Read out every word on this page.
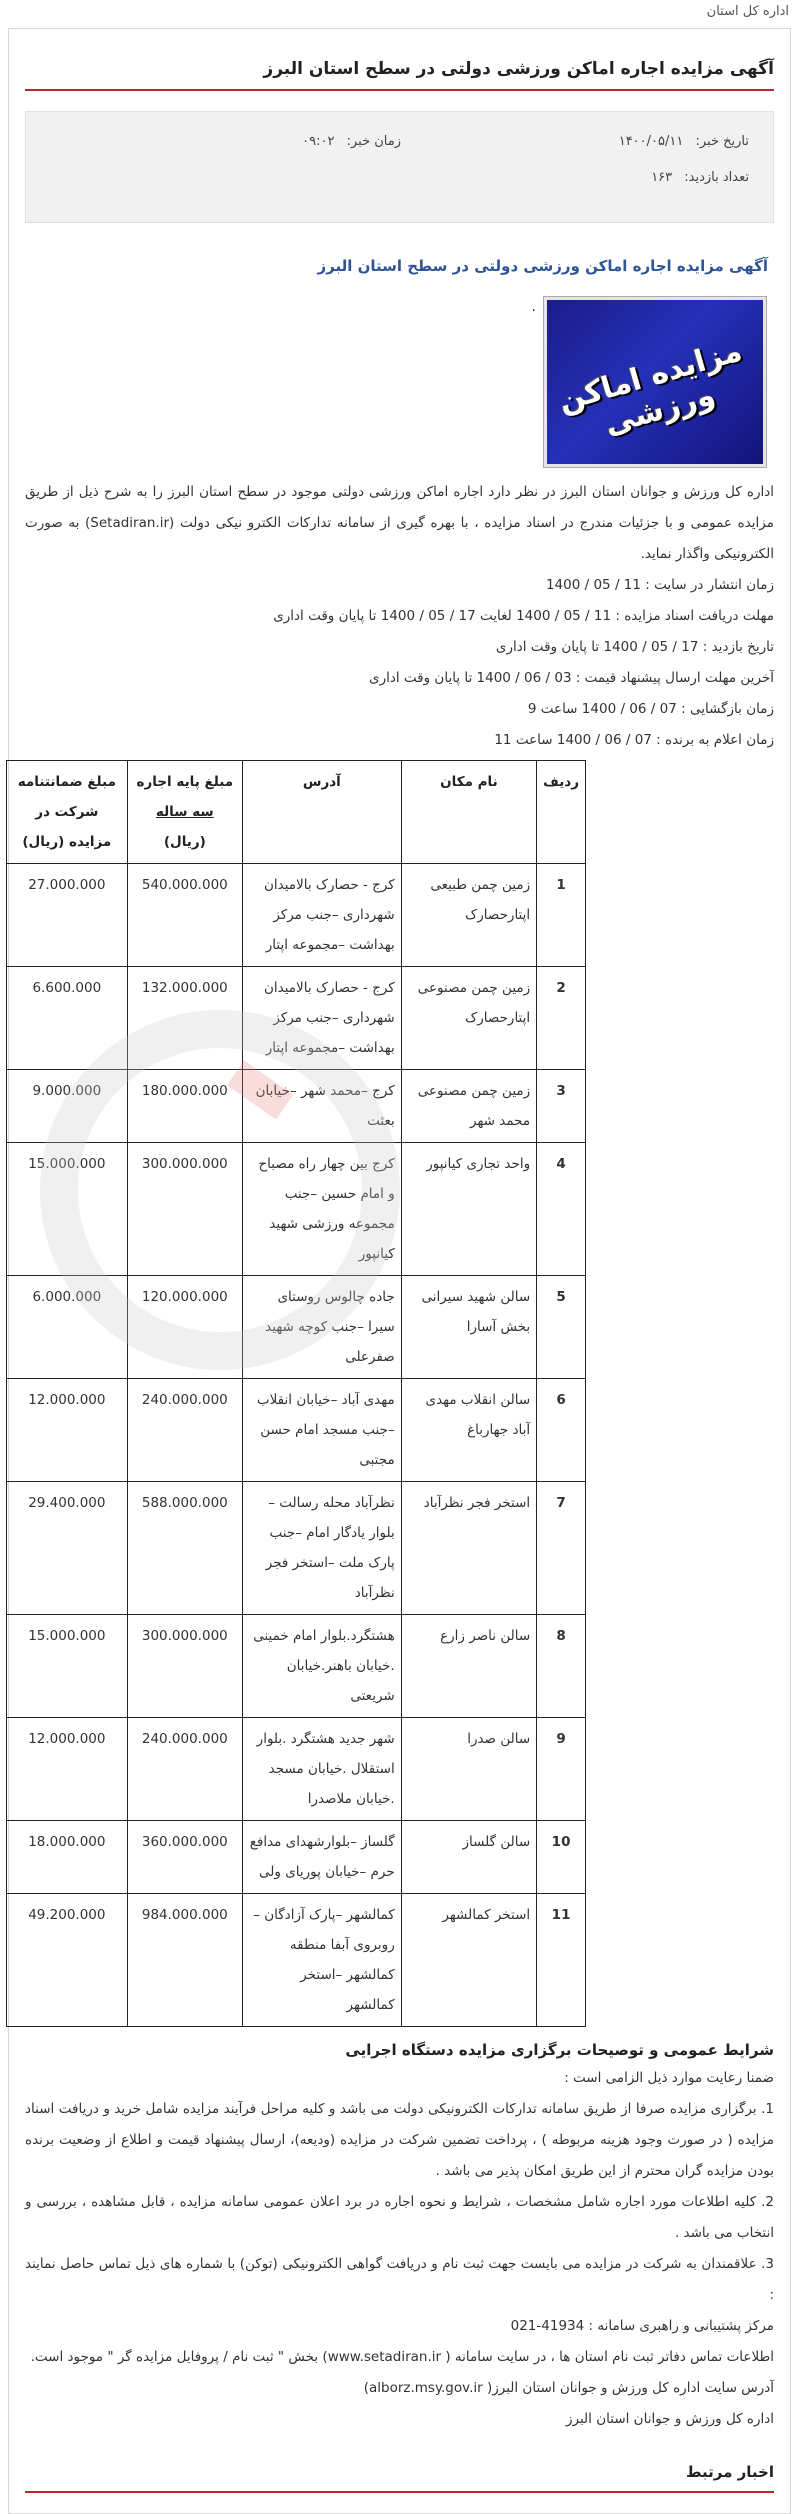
اداره کل استان
آگهی مزایده اجاره اماکن ورزشی دولتی در سطح استان البرز
تاریخ خبر: ۱۴۰۰/۰۵/۱۱
زمان خبر: ۰۹:۰۲
تعداد بازدید: ۱۶۳
آگهی مزایده اجاره اماکن ورزشی دولتی در سطح استان البرز
مزایده اماکن ورزشی
.

اداره کل ورزش و جوانان استان البرز در نظر دارد اجاره اماکن ورزشی دولتی موجود در سطح استان البرز را به شرح ذیل از طریق مزایده عمومی و با جزئیات مندرج در اسناد مزایده ، با بهره گیری از سامانه تدارکات الکترو نیکی دولت (Setadiran.ir) به صورت الکترونیکی واگذار نماید.

زمان انتشار در سایت : 11 / 05 / 1400

مهلت دریافت اسناد مزایده : 11 / 05 / 1400 لغایت 17 / 05 / 1400 تا پایان وقت اداری

تاریخ بازدید : 17 / 05 / 1400 تا پایان وقت اداری

آخرین مهلت ارسال پیشنهاد قیمت : 03 / 06 / 1400 تا پایان وقت اداری

زمان بازگشایی : 07 / 06 / 1400 ساعت 9

زمان اعلام به برنده : 07 / 06 / 1400 ساعت 11

ردیف	نام مکان	آدرس	مبلغ پایه اجاره
سه ساله
(ریال)	مبلغ ضمانتنامه شرکت در مزایده (ریال)
1	زمین چمن طبیعی اپتارحصارک	کرج - حصارک بالامیدان شهرداری –جنب مرکز بهداشت –مجموعه اپتار	540.000.000	27.000.000
2	زمین چمن مصنوعی اپتارحصارک	کرج - حصارک بالامیدان شهرداری –جنب مرکز بهداشت –مجموعه اپتار	132.000.000	6.600.000
3	زمین چمن مصنوعی محمد شهر	کرج –محمد شهر –خیابان بعثت	180.000.000	9.000.000
4	واحد تجاری کیانپور	کرج بین چهار راه مصباح و امام حسین –جنب مجموعه ورزشی شهید کیانپور	300.000.000	15.000.000
5	سالن شهید سیرانی بخش آسارا	جاده چالوس روستای سیرا –جنب کوچه شهید صفرعلی	120.000.000	6.000.000
6	سالن انقلاب مهدی آباد جهارباغ	مهدی آباد –خیابان انقلاب –جنب مسجد امام حسن مجتبی	240.000.000	12.000.000
7	استخر فجر نظرآباد	نظرآباد محله رسالت –بلوار یادگار امام –جنب پارک ملت –استخر فجر نظرآباد	588.000.000	29.400.000
8	سالن ناصر زارع	هشتگرد.بلوار امام خمینی .خیابان باهنر.خیابان شریعتی	300.000.000	15.000.000
9	سالن صدرا	شهر جدید هشتگرد .بلوار استقلال .خیابان مسجد .خیابان ملاصدرا	240.000.000	12.000.000
10	سالن گلساز	گلساز –بلوارشهدای مدافع حرم –خیابان پوریای ولی	360.000.000	18.000.000
11	استخر کمالشهر	کمالشهر –پارک آزادگان –روبروی آبفا منطقه کمالشهر –استخر کمالشهر	984.000.000	49.200.000
شرایط عمومی و توصیحات برگزاری مزایده دستگاه اجرایی

ضمنا رعایت موارد ذیل الزامی است :

1. برگزاری مزایده صرفا از طریق سامانه تدارکات الکترونیکی دولت می باشد و کلیه مراحل فرآیند مزایده شامل خرید و دریافت اسناد مزایده ( در صورت وجود هزینه مربوطه ) ، پرداخت تضمین شرکت در مزایده (ودیعه)، ارسال پیشنهاد قیمت و اطلاع از وضعیت برنده بودن مزایده گران محترم از این طریق امکان پذیر می باشد .

2. کلیه اطلاعات مورد اجاره شامل مشخصات ، شرایط و نحوه اجاره در برد اعلان عمومی سامانه مزایده ، قابل مشاهده ، بررسی و انتخاب می باشد .

3. علاقمندان به شرکت در مزایده می بایست جهت ثبت نام و دریافت گواهی الکترونیکی (توکن) با شماره های ذیل تماس حاصل نمایند :

مرکز پشتیبانی و راهبری سامانه : 41934-021

اطلاعات تماس دفاتر ثبت نام استان ها ، در سایت سامانه ( www.setadiran.ir) بخش " ثبت نام / پروفایل مزایده گر " موجود است.

آدرس سایت اداره کل ورزش و جوانان استان البرز( alborz.msy.gov.ir)

اداره کل ورزش و جوانان استان البرز

اخبار مرتبط
